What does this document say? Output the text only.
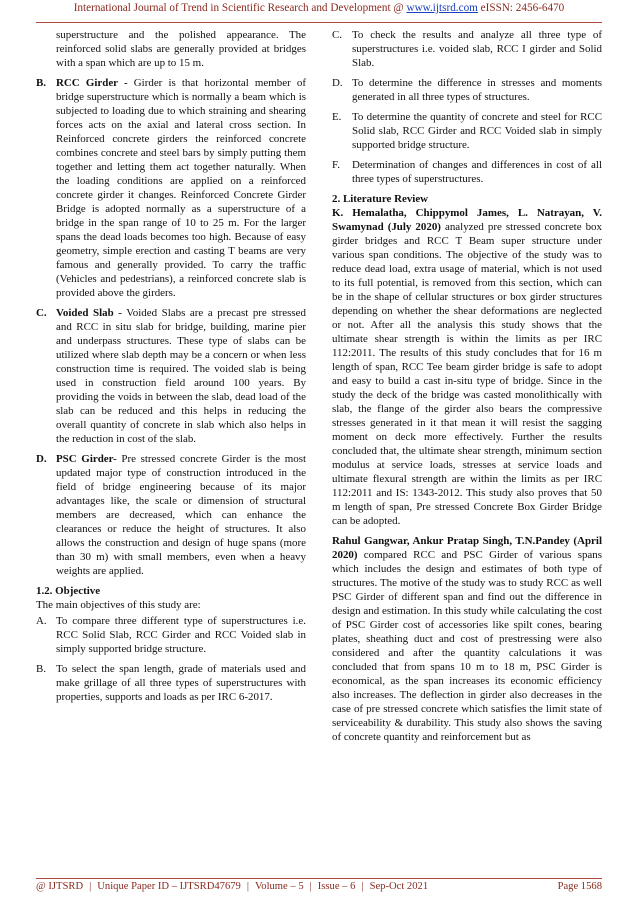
International Journal of Trend in Scientific Research and Development @ www.ijtsrd.com eISSN: 2456-6470

superstructure and the polished appearance. The reinforced solid slabs are generally provided at bridges with a span which are up to 15 m.

B. RCC Girder - Girder is that horizontal member of bridge superstructure which is normally a beam which is subjected to loading due to which straining and shearing forces acts on the axial and lateral cross section. In Reinforced concrete girders the reinforced concrete combines concrete and steel bars by simply putting them together and letting them act together naturally. When the loading conditions are applied on a reinforced concrete girder it changes. Reinforced Concrete Girder Bridge is adopted normally as a superstructure of a bridge in the span range of 10 to 25 m. For the larger spans the dead loads becomes too high. Because of easy geometry, simple erection and casting T beams are very famous and generally provided. To carry the traffic (Vehicles and pedestrians), a reinforced concrete slab is provided above the girders.
C. Voided Slab - Voided Slabs are a precast pre stressed and RCC in situ slab for bridge, building, marine pier and underpass structures. These type of slabs can be utilized where slab depth may be a concern or when less construction time is required. The voided slab is being used in construction field around 100 years. By providing the voids in between the slab, dead load of the slab can be reduced and this helps in reducing the overall quantity of concrete in slab which also helps in the reduction in cost of the slab.
D. PSC Girder- Pre stressed concrete Girder is the most updated major type of construction introduced in the field of bridge engineering because of its major advantages like, the scale or dimension of structural members are decreased, which can enhance the clearances or reduce the height of structures. It also allows the construction and design of huge spans (more than 30 m) with small members, even when a heavy weights are applied.

1.2. Objective

The main objectives of this study are:

A. To compare three different type of superstructures i.e. RCC Solid Slab, RCC Girder and RCC Voided slab in simply supported bridge structure.
B. To select the span length, grade of materials used and make grillage of all three types of superstructures with properties, supports and loads as per IRC 6-2017.
C. To check the results and analyze all three type of superstructures i.e. voided slab, RCC I girder and Solid Slab.
D. To determine the difference in stresses and moments generated in all three types of structures.
E. To determine the quantity of concrete and steel for RCC Solid slab, RCC Girder and RCC Voided slab in simply supported bridge structure.
F.	Determination of changes and differences in cost of all three types of superstructures.

2. Literature Review

K. Hemalatha, Chippymol James, L. Natrayan, V. Swamynad (July 2020) analyzed pre stressed concrete box girder bridges and RCC T Beam super structure under various span conditions. The objective of the study was to reduce dead load, extra usage of material, which is not used to its full potential, is removed from this section, which can be in the shape of cellular structures or box girder structures depending on whether the shear deformations are neglected or not. After all the analysis this study shows that the ultimate shear strength is within the limits as per IRC 112:2011. The results of this study concludes that for 16 m length of span, RCC Tee beam girder bridge is safe to adopt and easy to build a cast in-situ type of bridge. Since in the study the deck of the bridge was casted monolithically with slab, the flange of the girder also bears the compressive stresses generated in it that mean it will resist the sagging moment on deck more effectively. Further the results concluded that, the ultimate shear strength, minimum section modulus at service loads, stresses at service loads and ultimate flexural strength are within the limits as per IRC 112:2011 and IS: 1343-2012. This study also proves that 50 m length of span, Pre stressed Concrete Box Girder Bridge can be adopted.

Rahul Gangwar, Ankur Pratap Singh, T.N.Pandey (April 2020) compared RCC and PSC Girder of various spans which includes the design and estimates of both type of structures. The motive of the study was to study RCC as well PSC Girder of different span and find out the difference in design and estimation. In this study while calculating the cost of PSC Girder cost of accessories like spilt cones, bearing plates, sheathing duct and cost of prestressing were also considered and after the quantity calculations it was concluded that from spans 10 m to 18 m, PSC Girder is economical, as the span increases its economic efficiency also increases. The deflection in girder also decreases in the case of pre stressed concrete which satisfies the limit state of serviceability & durability. This study also shows the saving of concrete quantity and reinforcement but as

@ IJTSRD | Unique Paper ID – IJTSRD47679 | Volume – 5 | Issue – 6 | Sep-Oct 2021	Page 1568
